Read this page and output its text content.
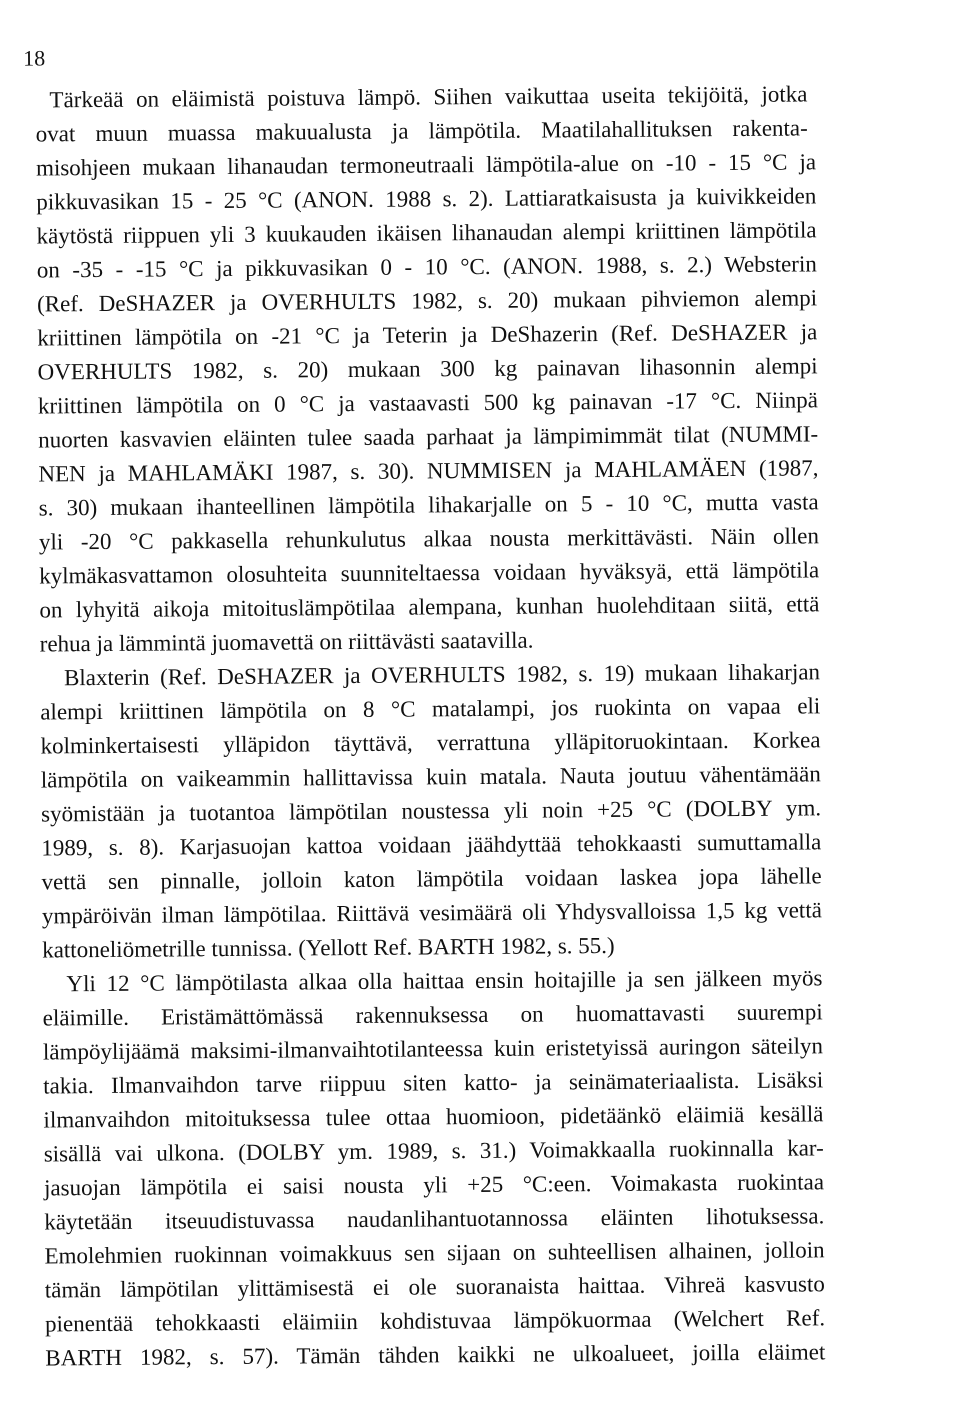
18
Tärkeää on eläimistä poistuva lämpö. Siihen vaikuttaa useita tekijöitä, jotka
ovat muun muassa makuualusta ja lämpötila. Maatilahallituksen rakenta-
misohjeen mukaan lihanaudan termoneutraali lämpötila-alue on -10 - 15 °C ja
pikkuvasikan 15 - 25 °C (ANON. 1988 s. 2). Lattiaratkaisusta ja kuivikkeiden
käytöstä riippuen yli 3 kuukauden ikäisen lihanaudan alempi kriittinen lämpötila
on -35 - -15 °C ja pikkuvasikan 0 - 10 °C. (ANON. 1988, s. 2.) Websterin
(Ref. DeSHAZER ja OVERHULTS 1982, s. 20) mukaan pihviemon alempi
kriittinen lämpötila on -21 °C ja Teterin ja DeShazerin (Ref. DeSHAZER ja
OVERHULTS 1982, s. 20) mukaan 300 kg painavan lihasonnin alempi
kriittinen lämpötila on 0 °C ja vastaavasti 500 kg painavan -17 °C. Niinpä
nuorten kasvavien eläinten tulee saada parhaat ja lämpimimmät tilat (NUMMI-
NEN ja MAHLAMÄKI 1987, s. 30). NUMMISEN ja MAHLAMÄEN (1987,
s. 30) mukaan ihanteellinen lämpötila lihakarjalle on 5 - 10 °C, mutta vasta
yli -20 °C pakkasella rehunkulutus alkaa nousta merkittävästi. Näin ollen
kylmäkasvattamon olosuhteita suunniteltaessa voidaan hyväksyä, että lämpötila
on lyhyitä aikoja mitoituslämpötilaa alempana, kunhan huolehditaan siitä, että
rehua ja lämmintä juomavettä on riittävästi saatavilla.
Blaxterin (Ref. DeSHAZER ja OVERHULTS 1982, s. 19) mukaan lihakarjan
alempi kriittinen lämpötila on 8 °C matalampi, jos ruokinta on vapaa eli
kolminkertaisesti ylläpidon täyttävä, verrattuna ylläpitoruokintaan. Korkea
lämpötila on vaikeammin hallittavissa kuin matala. Nauta joutuu vähentämään
syömistään ja tuotantoa lämpötilan noustessa yli noin +25 °C (DOLBY ym.
1989, s. 8). Karjasuojan kattoa voidaan jäähdyttää tehokkaasti sumuttamalla
vettä sen pinnalle, jolloin katon lämpötila voidaan laskea jopa lähelle
ympäröivän ilman lämpötilaa. Riittävä vesimäärä oli Yhdysvalloissa 1,5 kg vettä
kattoneliömetrille tunnissa. (Yellott Ref. BARTH 1982, s. 55.)
Yli 12 °C lämpötilasta alkaa olla haittaa ensin hoitajille ja sen jälkeen myös
eläimille. Eristämättömässä rakennuksessa on huomattavasti suurempi
lämpöylijäämä maksimi-ilmanvaihtotilanteessa kuin eristetyissä auringon säteilyn
takia. Ilmanvaihdon tarve riippuu siten katto- ja seinämateriaalista. Lisäksi
ilmanvaihdon mitoituksessa tulee ottaa huomioon, pidetäänkö eläimiä kesällä
sisällä vai ulkona. (DOLBY ym. 1989, s. 31.) Voimakkaalla ruokinnalla kar-
jasuojan lämpötila ei saisi nousta yli +25 °C:een. Voimakasta ruokintaa
käytetään itseuudistuvassa naudanlihantuotannossa eläinten lihotuksessa.
Emolehmien ruokinnan voimakkuus sen sijaan on suhteellisen alhainen, jolloin
tämän lämpötilan ylittämisestä ei ole suoranaista haittaa. Vihreä kasvusto
pienentää tehokkaasti eläimiin kohdistuvaa lämpökuormaa (Welchert Ref.
BARTH 1982, s. 57). Tämän tähden kaikki ne ulkoalueet, joilla eläimet
